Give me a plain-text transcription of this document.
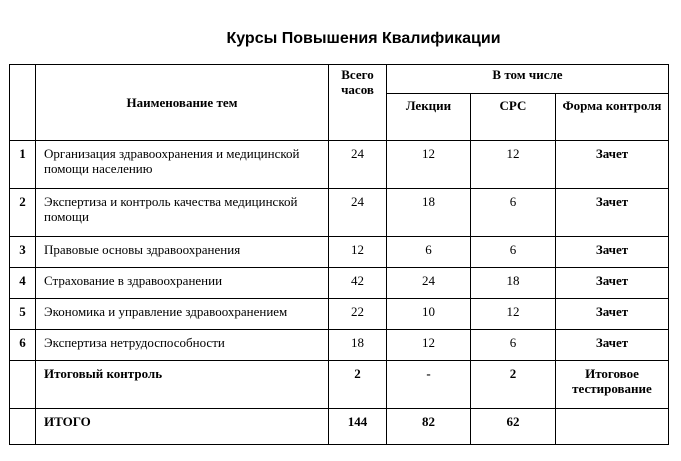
Курсы Повышения Квалификации
	Наименование тем	Всего часов	В том числе		
			Лекции	СРС	Форма контроля
1	Организация здравоохранения и медицинской помощи населению	24	12	12	Зачет
2	Экспертиза и контроль качества медицинской помощи	24	18	6	Зачет
3	Правовые основы здравоохранения	12	6	6	Зачет
4	Страхование в здравоохранении	42	24	18	Зачет
5	Экономика и управление здравоохранением	22	10	12	Зачет
6	Экспертиза нетрудоспособности	18	12	6	Зачет
	Итоговый контроль	2	-	2	Итоговое тестирование
	ИТОГО	144	82	62	
